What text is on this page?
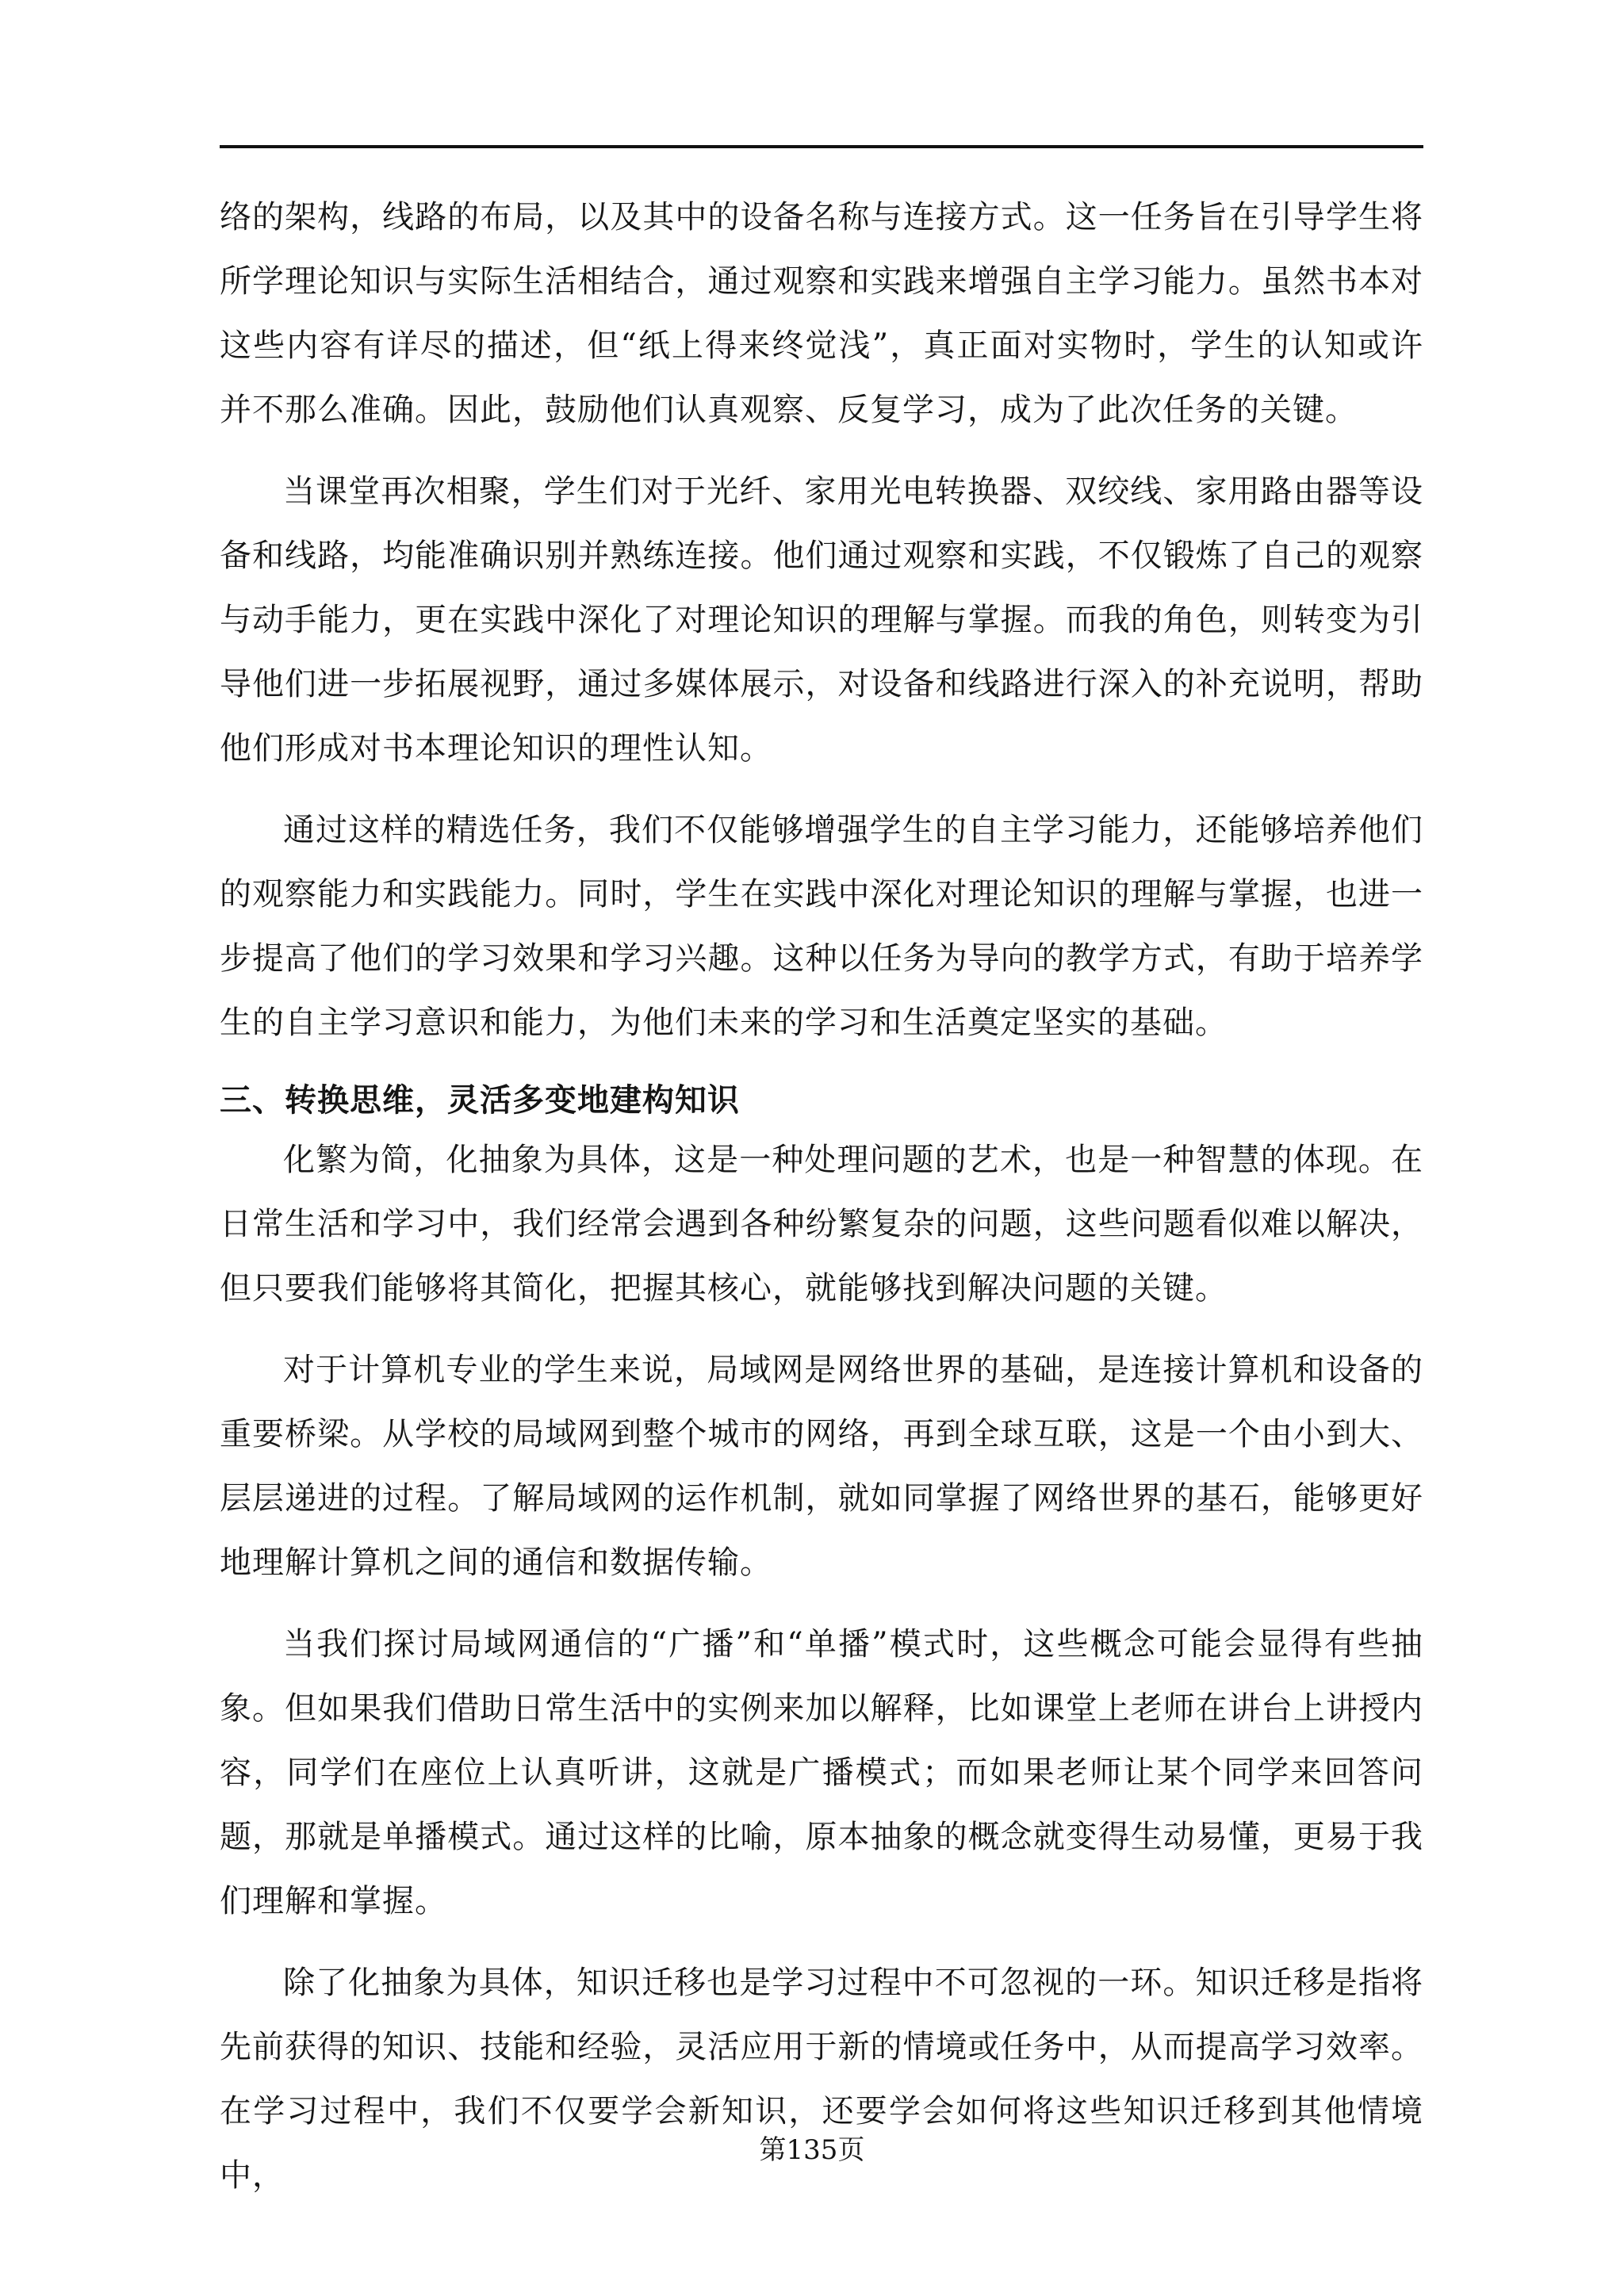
络的架构，线路的布局，以及其中的设备名称与连接方式。这一任务旨在引导学生将所学理论知识与实际生活相结合，通过观察和实践来增强自主学习能力。虽然书本对这些内容有详尽的描述，但“纸上得来终觉浅”，真正面对实物时，学生的认知或许并不那么准确。因此，鼓励他们认真观察、反复学习，成为了此次任务的关键。

当课堂再次相聚，学生们对于光纤、家用光电转换器、双绞线、家用路由器等设备和线路，均能准确识别并熟练连接。他们通过观察和实践，不仅锻炼了自己的观察与动手能力，更在实践中深化了对理论知识的理解与掌握。而我的角色，则转变为引导他们进一步拓展视野，通过多媒体展示，对设备和线路进行深入的补充说明，帮助他们形成对书本理论知识的理性认知。

通过这样的精选任务，我们不仅能够增强学生的自主学习能力，还能够培养他们的观察能力和实践能力。同时，学生在实践中深化对理论知识的理解与掌握，也进一步提高了他们的学习效果和学习兴趣。这种以任务为导向的教学方式，有助于培养学生的自主学习意识和能力，为他们未来的学习和生活奠定坚实的基础。

三、转换思维，灵活多变地建构知识

化繁为简，化抽象为具体，这是一种处理问题的艺术，也是一种智慧的体现。在日常生活和学习中，我们经常会遇到各种纷繁复杂的问题，这些问题看似难以解决，但只要我们能够将其简化，把握其核心，就能够找到解决问题的关键。

对于计算机专业的学生来说，局域网是网络世界的基础，是连接计算机和设备的重要桥梁。从学校的局域网到整个城市的网络，再到全球互联，这是一个由小到大、层层递进的过程。了解局域网的运作机制，就如同掌握了网络世界的基石，能够更好地理解计算机之间的通信和数据传输。

当我们探讨局域网通信的“广播”和“单播”模式时，这些概念可能会显得有些抽象。但如果我们借助日常生活中的实例来加以解释，比如课堂上老师在讲台上讲授内容，同学们在座位上认真听讲，这就是广播模式；而如果老师让某个同学来回答问题，那就是单播模式。通过这样的比喻，原本抽象的概念就变得生动易懂，更易于我们理解和掌握。

除了化抽象为具体，知识迁移也是学习过程中不可忽视的一环。知识迁移是指将先前获得的知识、技能和经验，灵活应用于新的情境或任务中，从而提高学习效率。在学习过程中，我们不仅要学会新知识，还要学会如何将这些知识迁移到其他情境中，

第135页
